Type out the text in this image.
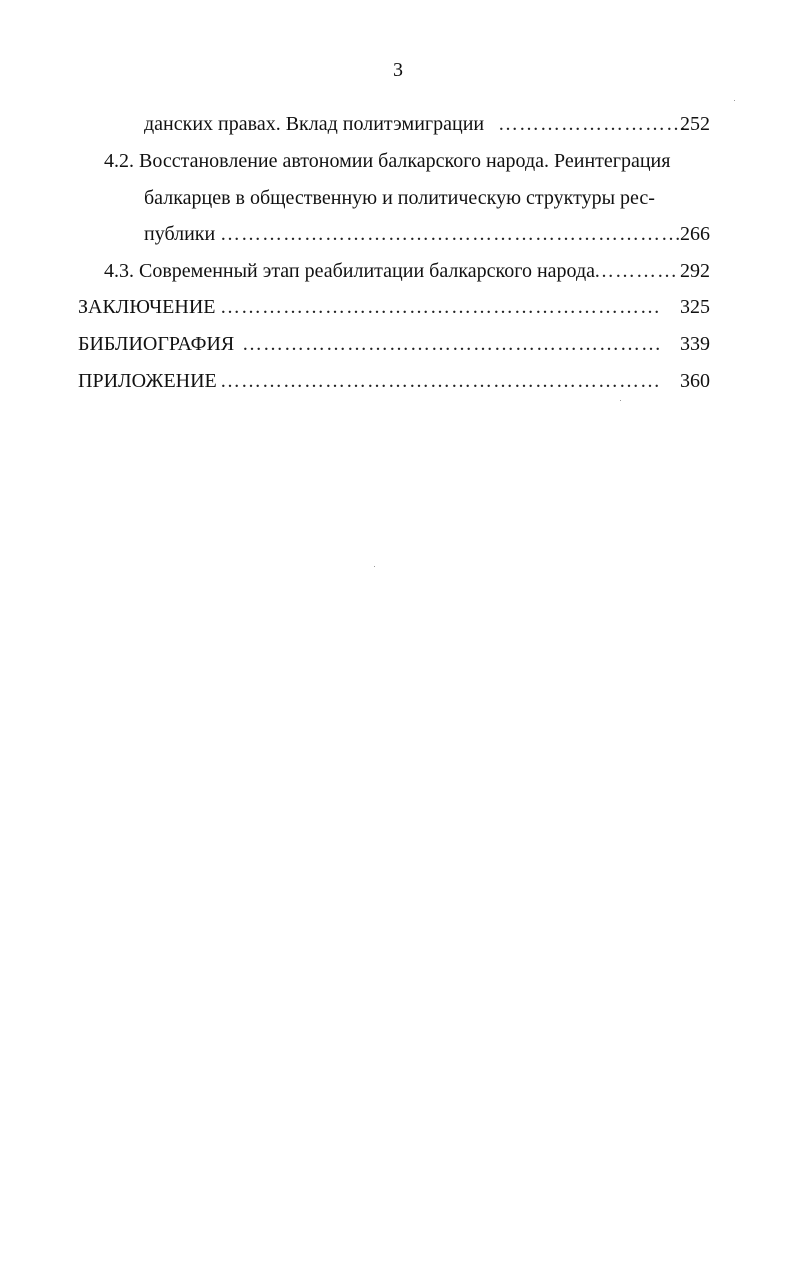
3
данских правах. Вклад политэмиграции ………………………
252
4.2. Восстановление автономии балкарского народа. Реинтеграция
балкарцев в общественную и политическую структуры рес-
публики …………………………………………………………
266
4.3. Современный этап реабилитации балкарского народа ………… 292
ЗАКЛЮЧЕНИЕ ……………………………………………………… 325
БИБЛИОГРАФИЯ …………………………………………………… 339
ПРИЛОЖЕНИЕ ……………………………………………………… 360
